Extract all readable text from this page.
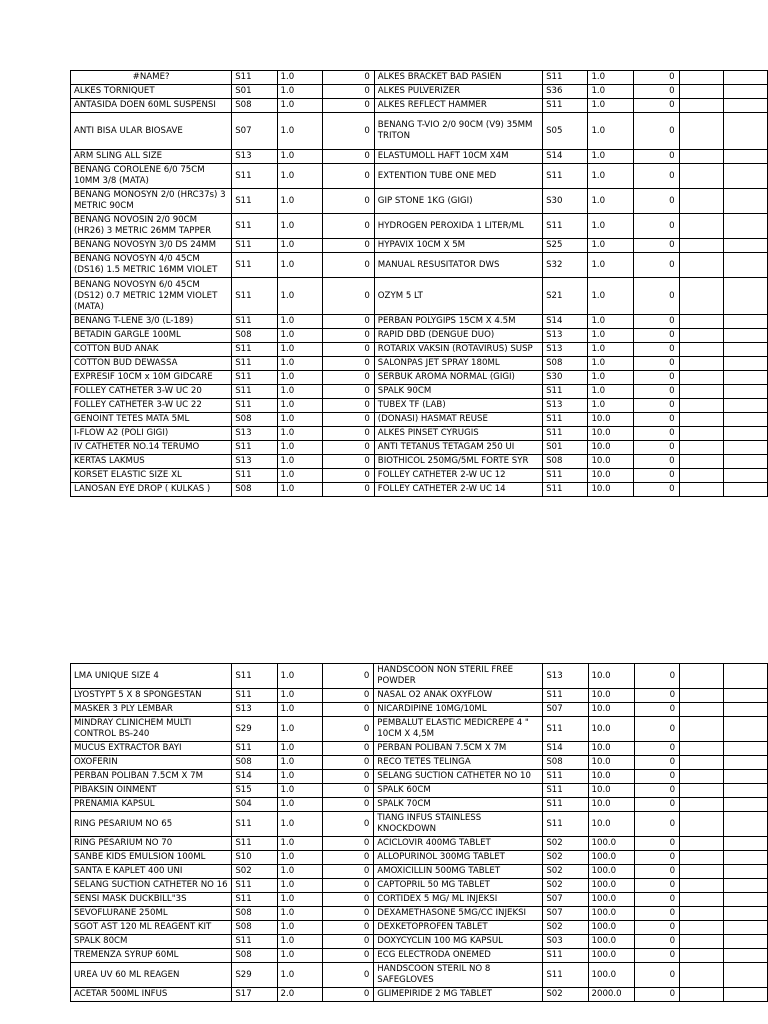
#NAME?	S11	1.0	0	ALKES BRACKET BAD PASIEN	S11	1.0	0		
ALKES TORNIQUET	S01	1.0	0	ALKES PULVERIZER	S36	1.0	0		
ANTASIDA DOEN 60ML SUSPENSI	S08	1.0	0	ALKES REFLECT HAMMER	S11	1.0	0		
ANTI BISA ULAR BIOSAVE	S07	1.0	0	BENANG T-VIO 2/0 90CM (V9) 35MM TRITON	S05	1.0	0		
ARM SLING ALL SIZE	S13	1.0	0	ELASTUMOLL HAFT 10CM X4M	S14	1.0	0		
BENANG COROLENE 6/0 75CM 10MM 3/8 (MATA)	S11	1.0	0	EXTENTION TUBE ONE MED	S11	1.0	0		
BENANG MONOSYN 2/0 (HRC37s) 3 METRIC 90CM	S11	1.0	0	GIP STONE 1KG (GIGI)	S30	1.0	0		
BENANG NOVOSIN 2/0 90CM (HR26) 3 METRIC 26MM TAPPER	S11	1.0	0	HYDROGEN PEROXIDA 1 LITER/ML	S11	1.0	0		
BENANG NOVOSYN 3/0 DS 24MM	S11	1.0	0	HYPAVIX 10CM X 5M	S25	1.0	0		
BENANG NOVOSYN 4/0 45CM (DS16) 1.5 METRIC 16MM VIOLET	S11	1.0	0	MANUAL RESUSITATOR DWS	S32	1.0	0		
BENANG NOVOSYN 6/0 45CM (DS12) 0.7 METRIC 12MM VIOLET (MATA)	S11	1.0	0	OZYM 5 LT	S21	1.0	0		
BENANG T-LENE 3/0 (L-189)	S11	1.0	0	PERBAN POLYGIPS 15CM X 4.5M	S14	1.0	0		
BETADIN GARGLE 100ML	S08	1.0	0	RAPID DBD (DENGUE DUO)	S13	1.0	0		
COTTON BUD ANAK	S11	1.0	0	ROTARIX VAKSIN (ROTAVIRUS) SUSP	S13	1.0	0		
COTTON BUD DEWASSA	S11	1.0	0	SALONPAS JET SPRAY 180ML	S08	1.0	0		
EXPRESIF 10CM x 10M GIDCARE	S11	1.0	0	SERBUK AROMA NORMAL (GIGI)	S30	1.0	0		
FOLLEY CATHETER 3-W UC 20	S11	1.0	0	SPALK 90CM	S11	1.0	0		
FOLLEY CATHETER 3-W UC 22	S11	1.0	0	TUBEX TF (LAB)	S13	1.0	0		
GENOINT TETES MATA 5ML	S08	1.0	0	(DONASI) HASMAT REUSE	S11	10.0	0		
I-FLOW A2 (POLI GIGI)	S13	1.0	0	ALKES PINSET CYRUGIS	S11	10.0	0		
IV CATHETER NO.14 TERUMO	S11	1.0	0	ANTI TETANUS TETAGAM 250 UI	S01	10.0	0		
KERTAS LAKMUS	S13	1.0	0	BIOTHICOL 250MG/5ML FORTE SYR	S08	10.0	0		
KORSET ELASTIC SIZE XL	S11	1.0	0	FOLLEY CATHETER 2-W UC 12	S11	10.0	0		
LANOSAN EYE DROP ( KULKAS )	S08	1.0	0	FOLLEY CATHETER 2-W UC 14	S11	10.0	0		
LMA UNIQUE SIZE 4	S11	1.0	0	HANDSCOON NON STERIL FREE POWDER	S13	10.0	0		
LYOSTYPT 5 X 8 SPONGESTAN	S11	1.0	0	NASAL O2 ANAK OXYFLOW	S11	10.0	0		
MASKER 3 PLY LEMBAR	S13	1.0	0	NICARDIPINE 10MG/10ML	S07	10.0	0		
MINDRAY CLINICHEM MULTI CONTROL BS-240	S29	1.0	0	PEMBALUT ELASTIC MEDICREPE 4 " 10CM X 4,5M	S11	10.0	0		
MUCUS EXTRACTOR BAYI	S11	1.0	0	PERBAN POLIBAN 7.5CM X 7M	S14	10.0	0		
OXOFERIN	S08	1.0	0	RECO TETES TELINGA	S08	10.0	0		
PERBAN POLIBAN 7.5CM X 7M	S14	1.0	0	SELANG SUCTION CATHETER NO 10	S11	10.0	0		
PIBAKSIN OINMENT	S15	1.0	0	SPALK 60CM	S11	10.0	0		
PRENAMIA KAPSUL	S04	1.0	0	SPALK 70CM	S11	10.0	0		
RING PESARIUM NO 65	S11	1.0	0	TIANG INFUS STAINLESS KNOCKDOWN	S11	10.0	0		
RING PESARIUM NO 70	S11	1.0	0	ACICLOVIR 400MG TABLET	S02	100.0	0		
SANBE KIDS EMULSION 100ML	S10	1.0	0	ALLOPURINOL 300MG TABLET	S02	100.0	0		
SANTA E KAPLET 400 UNI	S02	1.0	0	AMOXICILLIN 500MG TABLET	S02	100.0	0		
SELANG SUCTION CATHETER NO 16	S11	1.0	0	CAPTOPRIL 50 MG TABLET	S02	100.0	0		
SENSI MASK DUCKBILL"3S	S11	1.0	0	CORTIDEX 5 MG/ ML INJEKSI	S07	100.0	0		
SEVOFLURANE 250ML	S08	1.0	0	DEXAMETHASONE 5MG/CC INJEKSI	S07	100.0	0		
SGOT AST 120 ML REAGENT KIT	S08	1.0	0	DEXKETOPROFEN TABLET	S02	100.0	0		
SPALK 80CM	S11	1.0	0	DOXYCYCLIN 100 MG KAPSUL	S03	100.0	0		
TREMENZA SYRUP 60ML	S08	1.0	0	ECG ELECTRODA ONEMED	S11	100.0	0		
UREA UV 60 ML REAGEN	S29	1.0	0	HANDSCOON STERIL NO 8 SAFEGLOVES	S11	100.0	0		
ACETAR 500ML INFUS	S17	2.0	0	GLIMEPIRIDE 2 MG TABLET	S02	2000.0	0		
